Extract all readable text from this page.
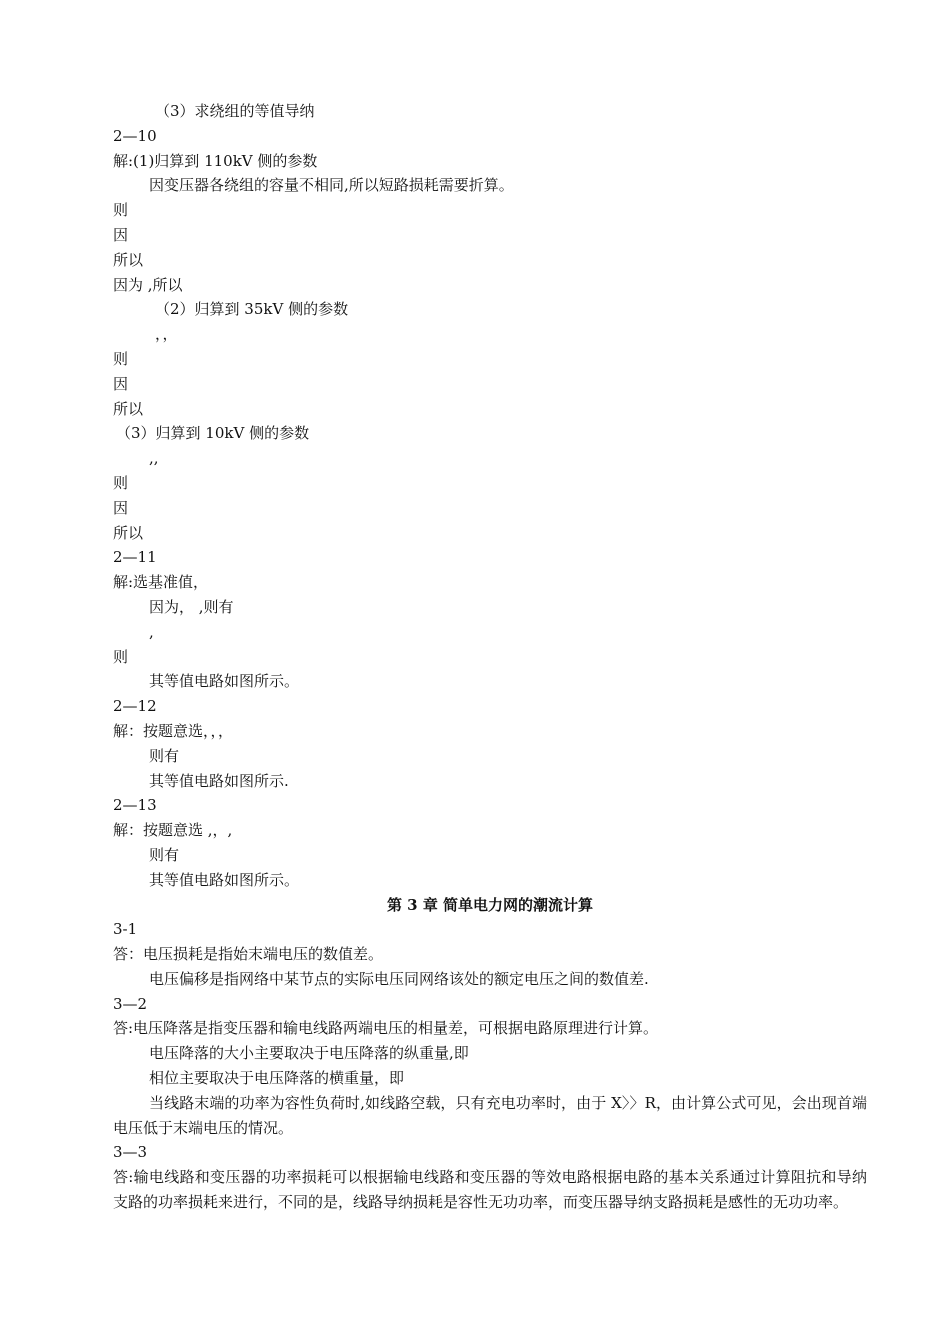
（3）求绕组的等值导纳
2—10
解:(1)归算到 110kV 侧的参数
因变压器各绕组的容量不相同,所以短路损耗需要折算。
则
因
所以
因为 ,所以
（2）归算到 35kV 侧的参数
，，
则
因
所以
（3）归算到 10kV 侧的参数
,,
则
因
所以
2—11
解:选基准值，
因为， ,则有
,
则
其等值电路如图所示。
2—12
解：按题意选，，，
则有
其等值电路如图所示.
2—13
解：按题意选 ,，,
则有
其等值电路如图所示。
第 3 章 简单电力网的潮流计算
3-1
答：电压损耗是指始末端电压的数值差。
电压偏移是指网络中某节点的实际电压同网络该处的额定电压之间的数值差.
3—2
答:电压降落是指变压器和输电线路两端电压的相量差，可根据电路原理进行计算。
电压降落的大小主要取决于电压降落的纵重量,即
相位主要取决于电压降落的横重量，即
当线路末端的功率为容性负荷时,如线路空载，只有充电功率时，由于 X〉〉R，由计算公式可见，会出现首端电压低于末端电压的情况。
3—3
答:输电线路和变压器的功率损耗可以根据输电线路和变压器的等效电路根据电路的基本关系通过计算阻抗和导纳支路的功率损耗来进行，不同的是，线路导纳损耗是容性无功功率，而变压器导纳支路损耗是感性的无功功率。
